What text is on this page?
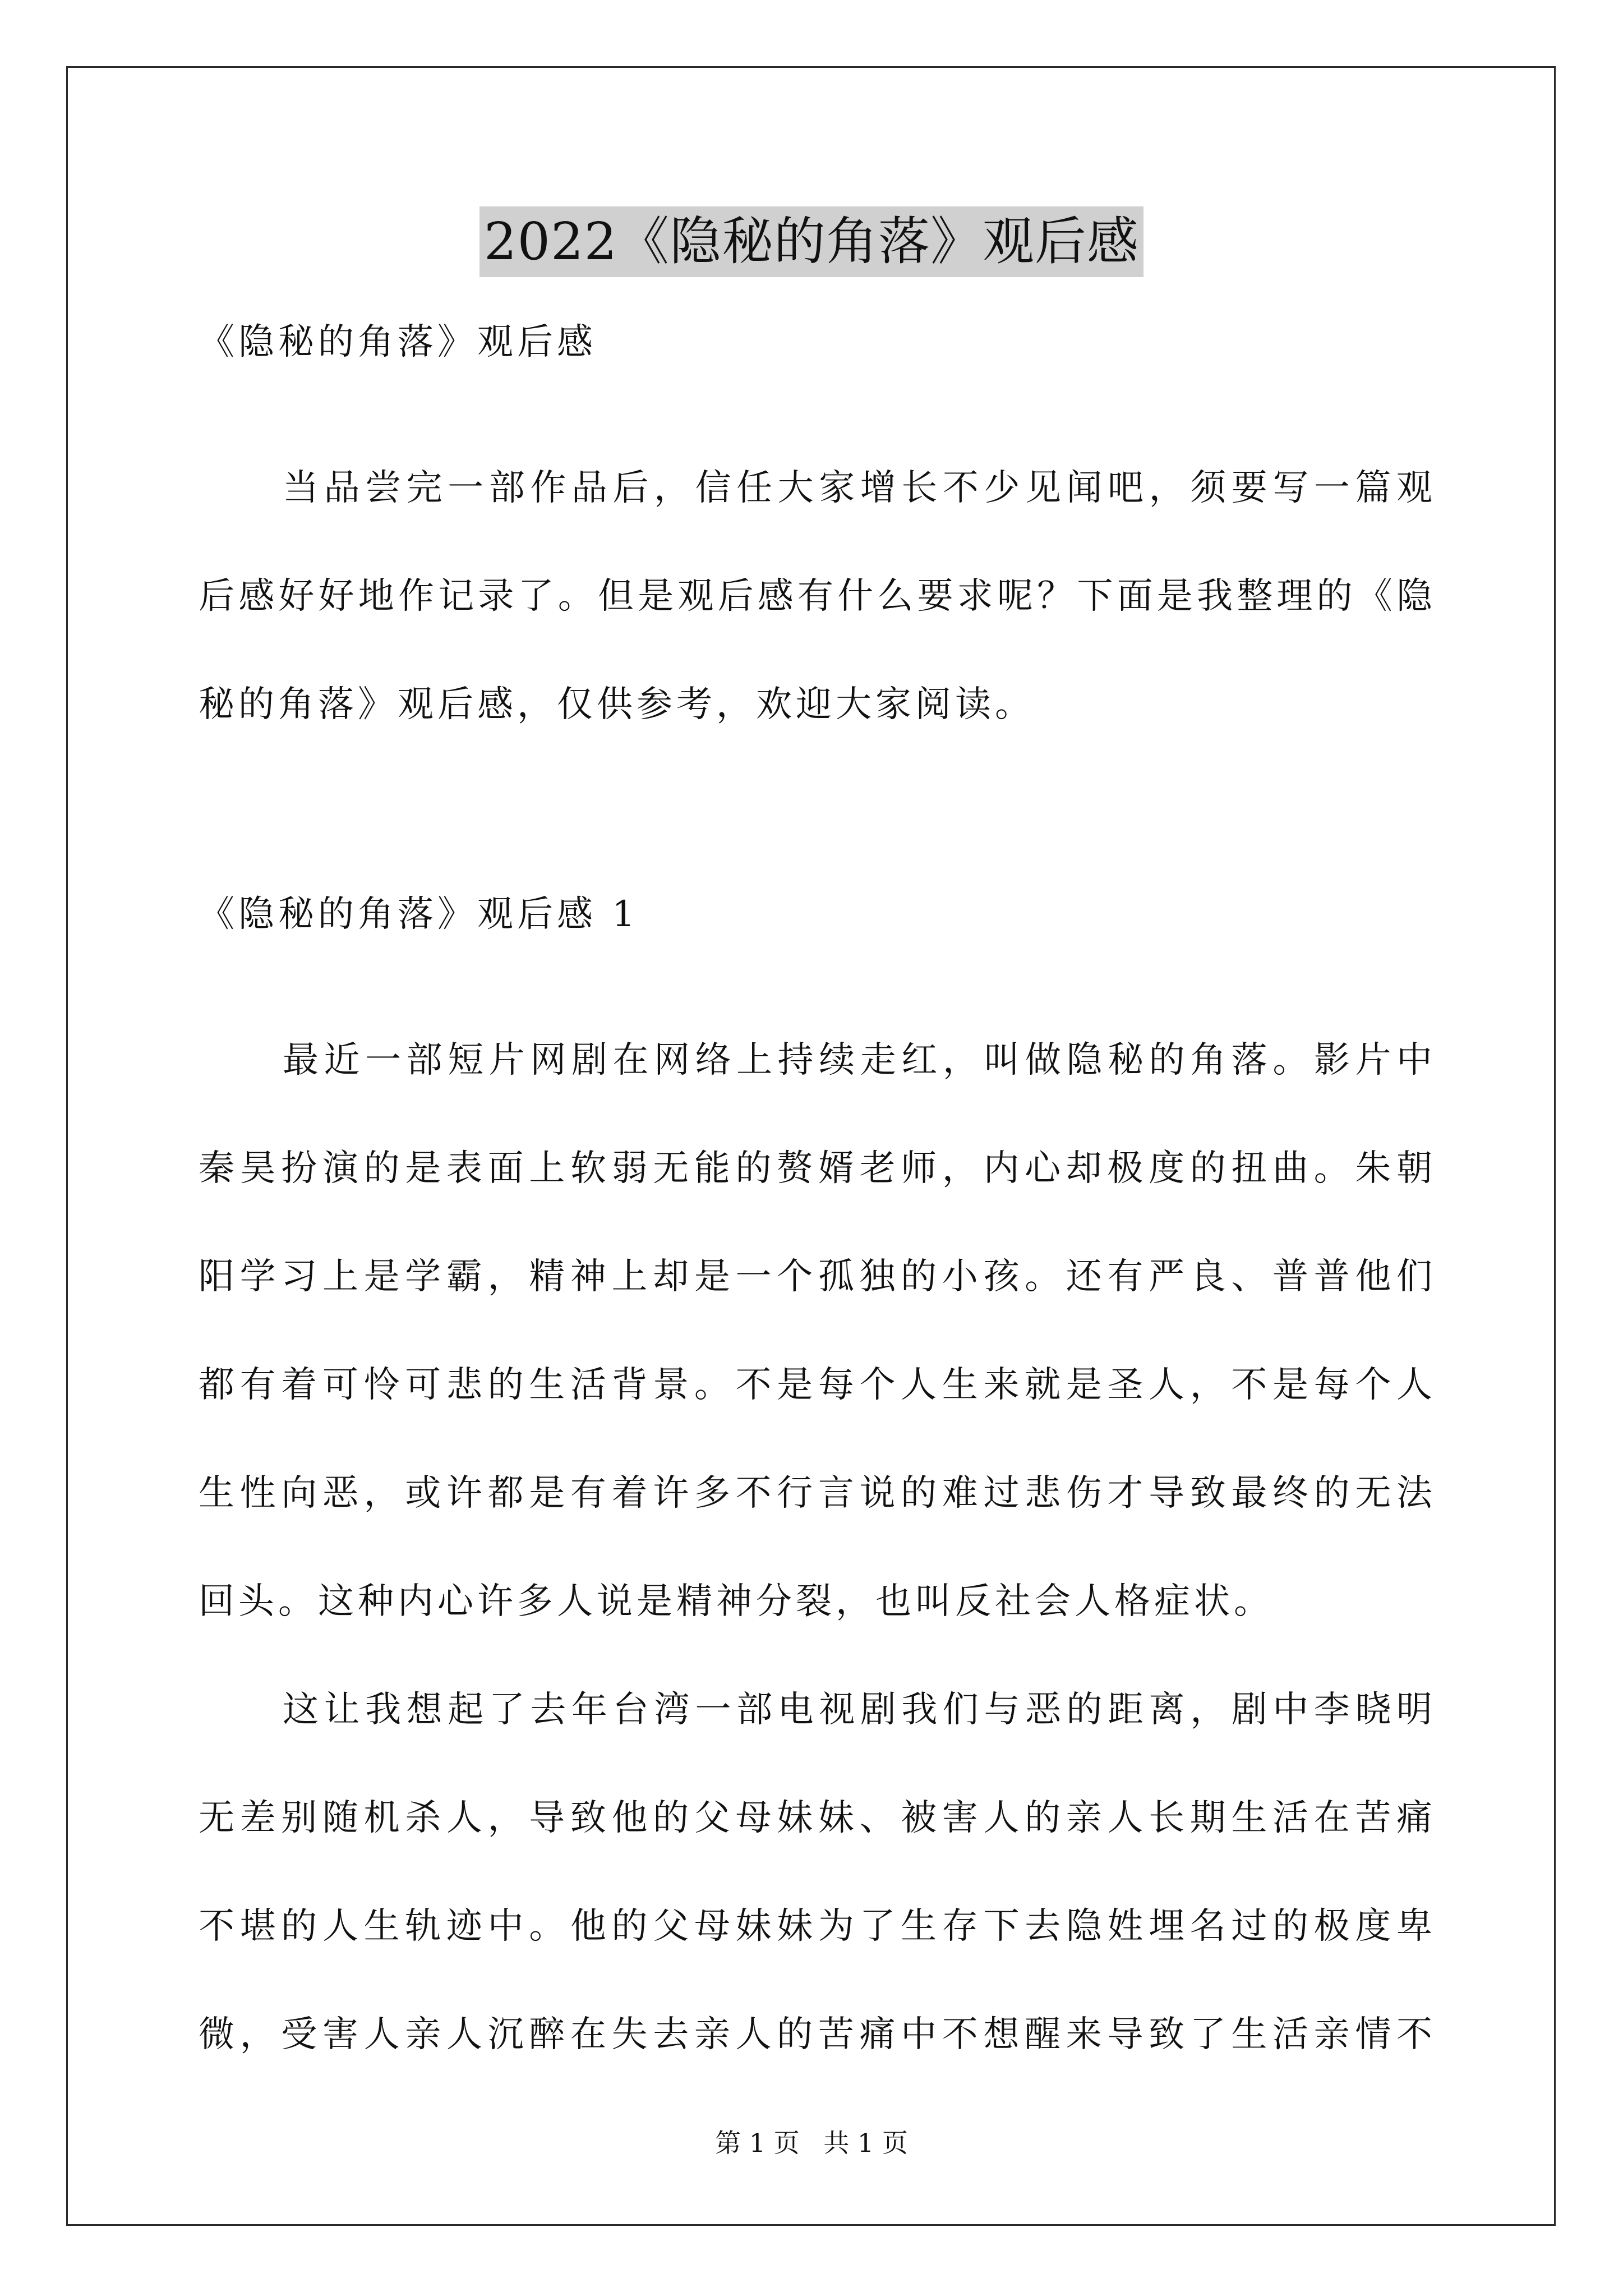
2022《隐秘的角落》观后感
《隐秘的角落》观后感
当品尝完一部作品后，信任大家增长不少见闻吧，须要写一篇观
后感好好地作记录了。但是观后感有什么要求呢？下面是我整理的《隐
秘的角落》观后感，仅供参考，欢迎大家阅读。
《隐秘的角落》观后感 1
最近一部短片网剧在网络上持续走红，叫做隐秘的角落。影片中
秦昊扮演的是表面上软弱无能的赘婿老师，内心却极度的扭曲。朱朝
阳学习上是学霸，精神上却是一个孤独的小孩。还有严良、普普他们
都有着可怜可悲的生活背景。不是每个人生来就是圣人，不是每个人
生性向恶，或许都是有着许多不行言说的难过悲伤才导致最终的无法
回头。这种内心许多人说是精神分裂，也叫反社会人格症状。
这让我想起了去年台湾一部电视剧我们与恶的距离，剧中李晓明
无差别随机杀人，导致他的父母妹妹、被害人的亲人长期生活在苦痛
不堪的人生轨迹中。他的父母妹妹为了生存下去隐姓埋名过的极度卑
微，受害人亲人沉醉在失去亲人的苦痛中不想醒来导致了生活亲情不
第 1 页 共 1 页
